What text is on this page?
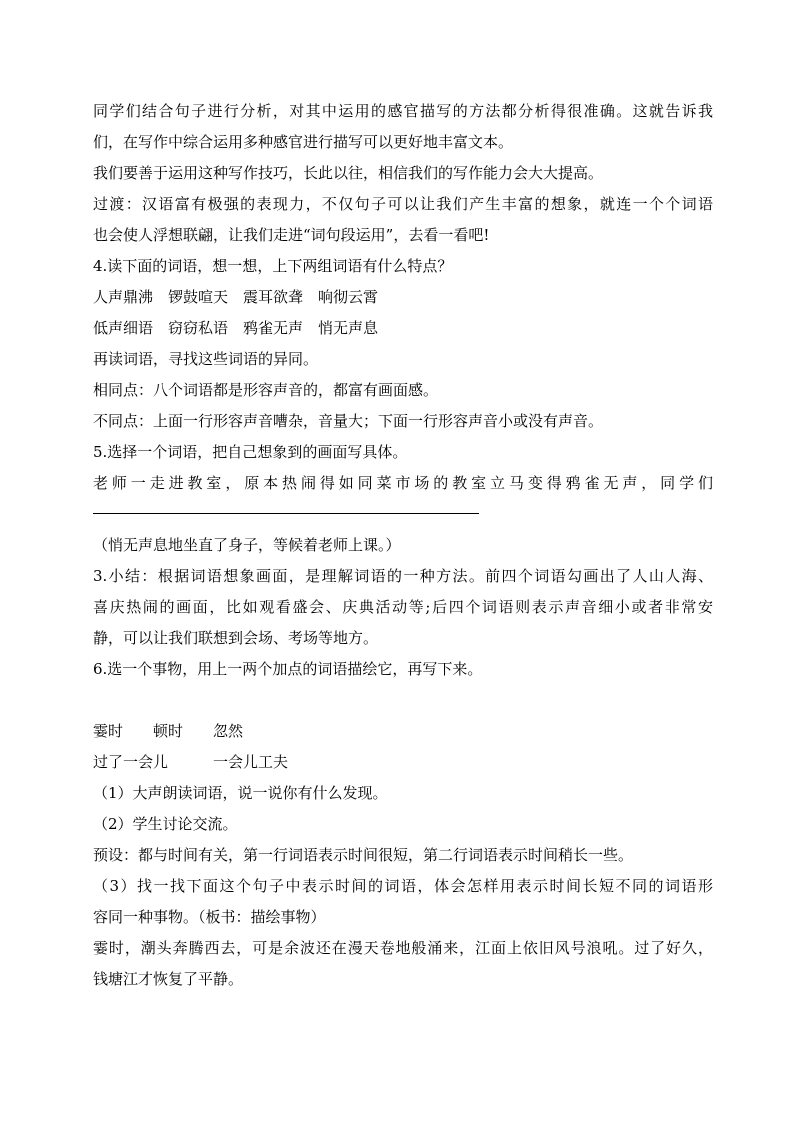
同学们结合句子进行分析，对其中运用的感官描写的方法都分析得很准确。这就告诉我
们，在写作中综合运用多种感官进行描写可以更好地丰富文本。
我们要善于运用这种写作技巧，长此以往，相信我们的写作能力会大大提高。
过渡：汉语富有极强的表现力，不仅句子可以让我们产生丰富的想象，就连一个个词语
也会使人浮想联翩，让我们走进“词句段运用”，去看一看吧!
4.读下面的词语，想一想，上下两组词语有什么特点？
人声鼎沸　锣鼓喧天　震耳欲聋　响彻云霄
低声细语　窃窃私语　鸦雀无声　悄无声息
再读词语，寻找这些词语的异同。
相同点：八个词语都是形容声音的，都富有画面感。
不同点：上面一行形容声音嘈杂，音量大；下面一行形容声音小或没有声音。
5.选择一个词语，把自己想象到的画面写具体。
老师一走进教室，原本热闹得如同菜市场的教室立马变得鸦雀无声，同学们
（悄无声息地坐直了身子，等候着老师上课。）
3.小结：根据词语想象画面，是理解词语的一种方法。前四个词语勾画出了人山人海、
喜庆热闹的画面，比如观看盛会、庆典活动等;后四个词语则表示声音细小或者非常安
静，可以让我们联想到会场、考场等地方。
6.选一个事物，用上一两个加点的词语描绘它，再写下来。
霎时　　顿时　　忽然
过了一会儿　　　一会儿工夫
（1）大声朗读词语，说一说你有什么发现。
（2）学生讨论交流。
预设：都与时间有关，第一行词语表示时间很短，第二行词语表示时间稍长一些。
（3）找一找下面这个句子中表示时间的词语，体会怎样用表示时间长短不同的词语形
容同一种事物。（板书：描绘事物）
霎时，潮头奔腾西去，可是余波还在漫天卷地般涌来，江面上依旧风号浪吼。过了好久，
钱塘江才恢复了平静。
